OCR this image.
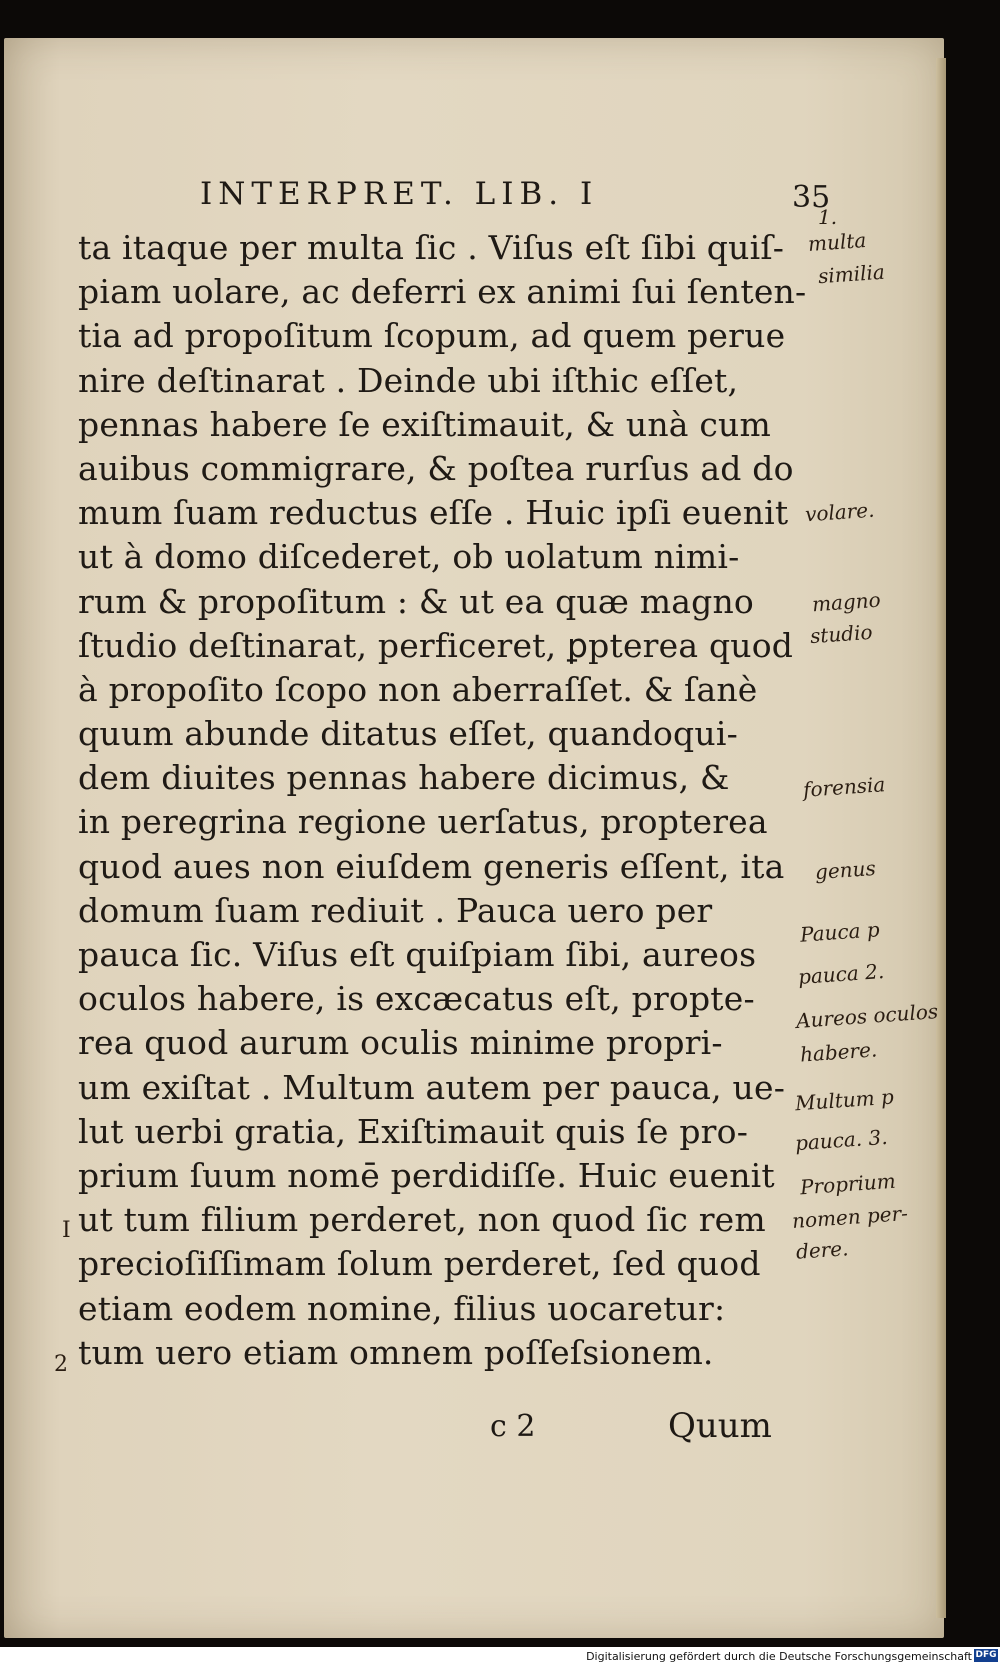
INTERPRET. LIB. I	35
1.
ta itaque per multa ſic . Viſus eſt ſibi quiſ-
piam uolare, ac deferri ex animi ſui ſenten-
tia ad propoſitum ſcopum, ad quem perue
nire deſtinarat . Deinde ubi iſthic eſſet,
pennas habere ſe exiſtimauit, & unà cum
auibus commigrare, & poſtea rurſus ad do
mum ſuam reductus eſſe . Huic ipſi euenit
ut à domo diſcederet, ob uolatum nimi-
rum & propoſitum : & ut ea quæ magno
ſtudio deſtinarat, perficeret, ꝑpterea quod
à propoſito ſcopo non aberraſſet. & ſanè
quum abunde ditatus eſſet, quandoqui-
dem diuites pennas habere dicimus, &
in peregrina regione uerſatus, propterea
quod aues non eiuſdem generis eſſent, ita
domum ſuam rediuit . Pauca uero per
pauca ſic. Viſus eſt quiſpiam ſibi, aureos
oculos habere, is excæcatus eſt, propte-
rea quod aurum oculis minime propri-
um exiſtat . Multum autem per pauca, ue-
lut uerbi gratia, Exiſtimauit quis ſe pro-
prium ſuum nomē perdidiſſe. Huic euenit
ut tum filium perderet, non quod ſic rem
precioſiſſimam ſolum perderet, ſed quod
etiam eodem nomine, filius uocaretur:
tum uero etiam omnem poſſeſsionem.
multa
similia
volare.
magno
studio
forensia
genus
Pauca p
pauca 2.
Aureos oculos
habere.
Multum p
pauca. 3.
Proprium
nomen per-
dere.
I
2
c 2	Quum
Digitalisierung gefördert durch die Deutsche Forschungsgemeinschaft DFG
